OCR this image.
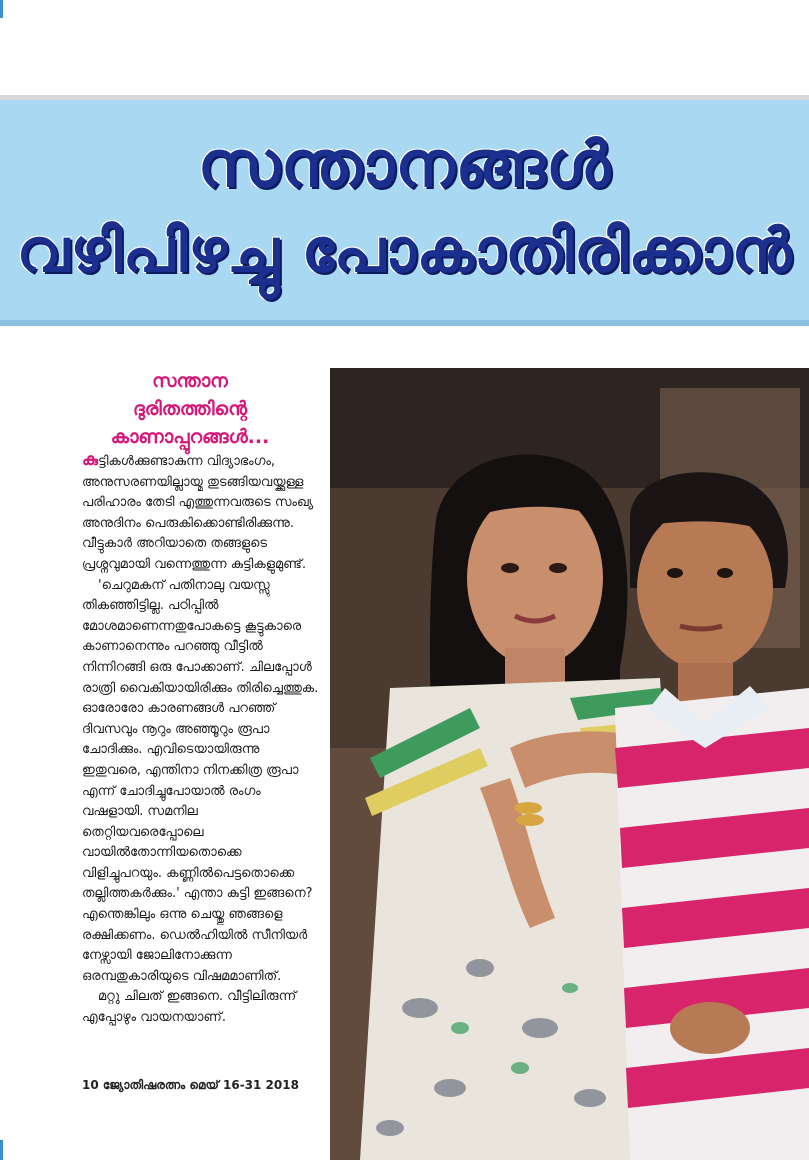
സന്താനങ്ങൾ
വഴിപിഴച്ചു പോകാതിരിക്കാൻ
സന്താന
ദുരിതത്തിന്റെ
കാണാപ്പുറങ്ങൾ...

കുട്ടികൾക്കുണ്ടാകുന്ന വിദ്യാഭംഗം, അനുസരണയില്ലായ്മ തുടങ്ങിയവയ്ക്കുള്ള പരിഹാരം തേടി എത്തുന്നവരുടെ സംഖ്യ അനുദിനം പെരുകിക്കൊണ്ടിരിക്കുന്നു. വീട്ടുകാർ അറിയാതെ തങ്ങളുടെ പ്രശ്നവുമായി വന്നെത്തുന്ന കുട്ടികളുമുണ്ട്.

'ചെറുമകന് പതിനാലു വയസ്സു തികഞ്ഞിട്ടില്ല. പഠിപ്പിൽ മോശമാണെന്നതുപോകട്ടെ കൂട്ടുകാരെ കാണാനെന്നും പറഞ്ഞു വീട്ടിൽ നിന്നിറങ്ങി ഒരു പോക്കാണ്. ചിലപ്പോൾ രാത്രി വൈകിയായിരിക്കും തിരിച്ചെത്തുക. ഓരോരോ കാരണങ്ങൾ പറഞ്ഞ് ദിവസവും നൂറും അഞ്ഞൂറും രൂപാ ചോദിക്കും. എവിടെയായിരുന്നു ഇതുവരെ, എന്തിനാ നിനക്കിത്ര രൂപാ എന്ന് ചോദിച്ചുപോയാൽ രംഗം വഷളായി. സമനില തെറ്റിയവരെപ്പോലെ വായിൽതോന്നിയതൊക്കെ വിളിച്ചുപറയും. കണ്ണിൽപെട്ടതൊക്കെ തല്ലിത്തകർക്കും.' എന്താ കുട്ടി ഇങ്ങനെ? എന്തെങ്കിലും ഒന്നു ചെയ്തു ഞങ്ങളെ രക്ഷിക്കണം. ഡെൽഹിയിൽ സീനിയർ നേഴ്സായി ജോലിനോക്കുന്ന ഒരമ്പതുകാരിയുടെ വിഷമമാണിത്.

മറ്റു ചിലത് ഇങ്ങനെ. വീട്ടിലിരുന്ന് എപ്പോഴും വായനയാണ്.

10 ജ്യോതിഷരത്നം മെയ് 16-31 2018
